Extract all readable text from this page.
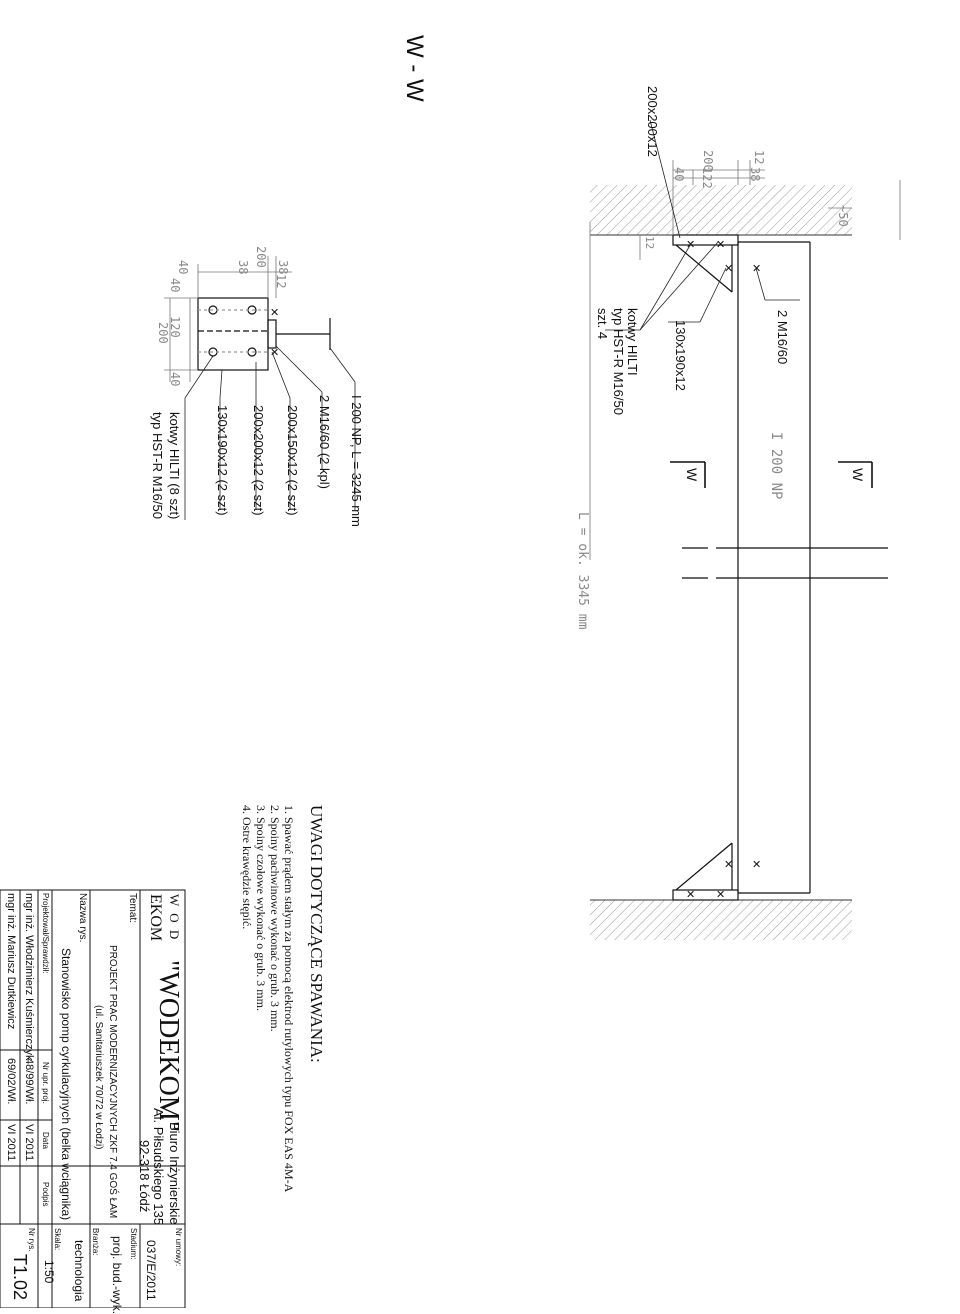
✕ ✕
✕ ✕
✕ ✕
✕ ✕
✕
✕
W - W
200x200x12
200	12
40 122	38
~50
12
2 M16/60
130x190x12
kotwy HILTI
typ HST-R M16/50
szt. 4
I 200 NP
L = ok. 3345 mm
W	W
200
12
40	38 38
40
120
200
40
I 200 NP, L = 3245 mm
2 M16/60 (2 kpl)
200x150x12 (2 szt)
200x200x12 (2 szt)
130x190x12 (2 szt)
kotwy HILTI (8 szt)
typ HST-R M16/50
UWAGI DOTYCZĄCE SPAWANIA:
1. Spawać prądem stałym za pomocą elektrod rutylowych typu FOX EAS 4M-A
2. Spoiny pachwinowe wykonać o grub. 3 mm.
3. Spoiny czołowe wykonać o grub. 3 mm.
4. Ostre krawędzie stępić.
W O D
EKOM
"WODEKOM"
Biuro Inżynierskie
Al. Piłsudskiego 135
92-318 Łódź
Temat:
PROJEKT PRAC MODERNIZACYJNYCH ZKF 7.4 GOŚ ŁAM
(ul. Sanitariuszek 70/72 w Łodzi)
Nazwa rys.
Stanowisko pomp cyrkulacyjnych (belka wciągnika)
Projektował/Sprawdził:
Nr upr. proj.
Data
Podpis
mgr inż. Włodzimierz Kuśmierczyk
48/99/Wł.
VI 2011
mgr inż. Mariusz Dutkiewicz
69/02/Wł.
VI 2011
Nr umowy:
037/E/2011
Stadium:
proj. bud.-wyk.
Branża:
technologia
Skala:
1:50
Nr rys.
T1.02
